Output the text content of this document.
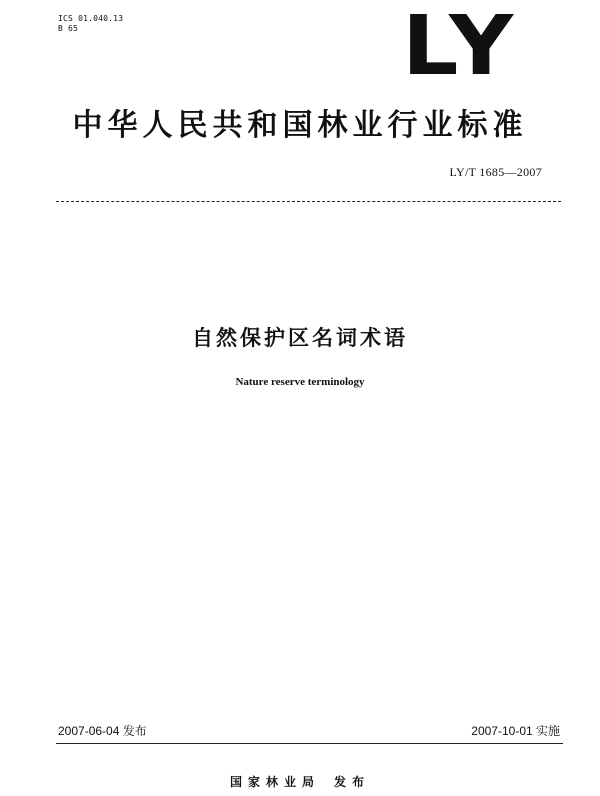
ICS 01.040.13
B 65	LY
中华人民共和国林业行业标准
LY/T 1685—2007
自然保护区名词术语
Nature reserve terminology
2007-06-04 发布	2007-10-01 实施
国家林业局 发布
